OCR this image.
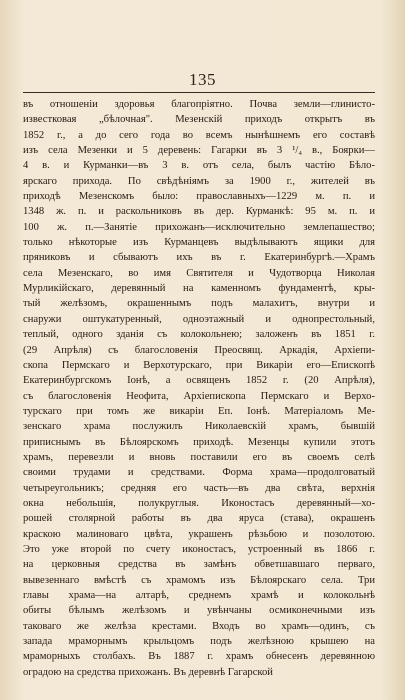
135
въ отношеніи здоровья благопріятно. Почва земли—глинисто-
известковая „бѣлочная". Мезенскій приходъ открытъ въ
1852 г., а до сего года во всемъ нынѣшнемъ его составѣ
изъ села Мезенки и 5 деревень: Гагарки въ 3 ¹/₄ в., Боярки—
4 в. и Курманки—въ 3 в. отъ села, былъ частію Бѣло-
ярскаго прихода. По свѣдѣніямъ за 1900 г., жителей въ
приходѣ Мезенскомъ было: православныхъ—1229 м. п. и
1348 ж. п. и раскольниковъ въ дер. Курманкѣ: 95 м. п. и
100 ж. п.—Занятіе прихожанъ—исключительно землепашество;
только нѣкоторые изъ Курманцевъ выдѣлываютъ ящики для
пряниковъ и сбываютъ ихъ въ г. Екатеринбургѣ.—Храмъ
села Мезенскаго, во имя Святителя и Чудотворца Николая
Мурликійскаго, деревянный на каменномъ фундаментѣ, кры-
тый желѣзомъ, окрашеннымъ подъ малахитъ, внутри и
снаружи оштукатуренный, одноэтажный и однопрестольный,
теплый, одного зданія съ колокольнею; заложенъ въ 1851 г.
(29 Апрѣля) съ благословенія Преосвящ. Аркадія, Архіепи-
скопа Пермскаго и Верхотурскаго, при Викаріи его—Епископѣ
Екатеринбургскомъ Іонѣ, а освященъ 1852 г. (20 Апрѣля),
съ благословенія Неофита, Архіепископа Пермскаго и Верхо-
турскаго при томъ же викаріи Еп. Іонѣ. Матеріаломъ Ме-
зенскаго храма послужилъ Николаевскій храмъ, бывшій
приписнымъ въ Бѣлоярскомъ приходѣ. Мезенцы купили этотъ
храмъ, перевезли и вновь поставили его въ своемъ селѣ
своими трудами и средствами. Форма храма—продолговатый
четыреугольникъ; средняя его часть—въ два свѣта, верхнія
окна небольшія, полукруглыя. Иконостасъ деревянный—хо-
рошей столярной работы въ два яруса (става), окрашенъ
краскою малиноваго цвѣта, украшенъ рѣзьбою и позолотою.
Это уже второй по счету иконостасъ, устроенный въ 1866 г.
на церковныя средства въ замѣнъ обветшавшаго перваго,
вывезеннаго вмѣстѣ съ храмомъ изъ Бѣлоярскаго села. Три
главы храма—на алтарѣ, среднемъ храмѣ и колокольнѣ
обиты бѣлымъ желѣзомъ и увѣнчаны осмиконечными изъ
таковаго же желѣза крестами. Входъ во храмъ—одинъ, съ
запада мраморнымъ крыльцомъ подъ желѣзною крышею на
мраморныхъ столбахъ. Въ 1887 г. храмъ обнесенъ деревянною
оградою на средства прихожанъ. Въ деревнѣ Гагарской
